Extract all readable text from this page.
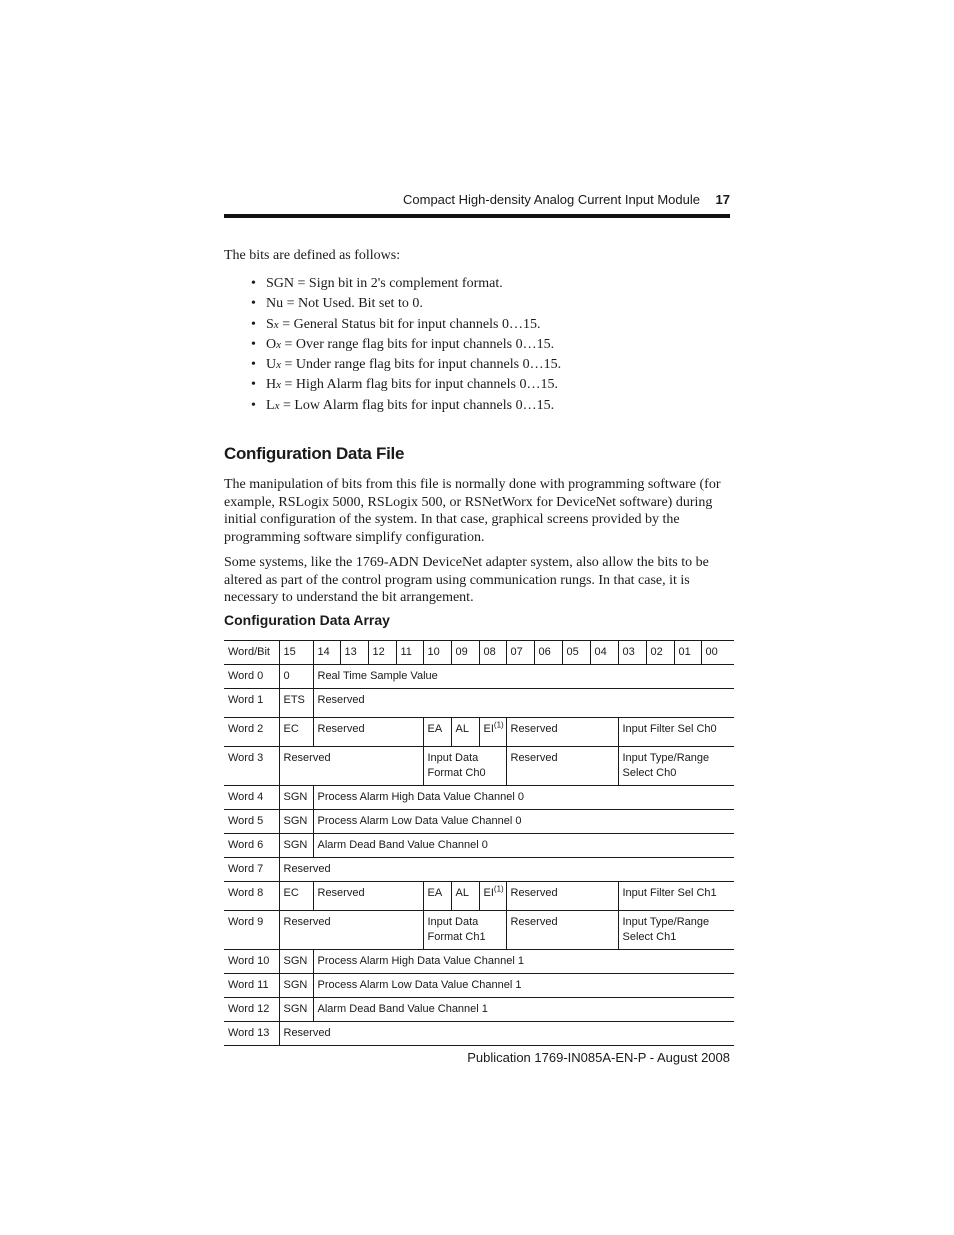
Compact High-density Analog Current Input Module 17
The bits are defined as follows:
• SGN = Sign bit in 2's complement format.
• Nu = Not Used. Bit set to 0.
• Sx = General Status bit for input channels 0…15.
• Ox = Over range flag bits for input channels 0…15.
• Ux = Under range flag bits for input channels 0…15.
• Hx = High Alarm flag bits for input channels 0…15.
• Lx = Low Alarm flag bits for input channels 0…15.
Configuration Data File

The manipulation of bits from this file is normally done with programming software (for example, RSLogix 5000, RSLogix 500, or RSNetWorx for DeviceNet software) during initial configuration of the system. In that case, graphical screens provided by the programming software simplify configuration.

Some systems, like the 1769-ADN DeviceNet adapter system, also allow the bits to be altered as part of the control program using communication rungs. In that case, it is necessary to understand the bit arrangement.

Configuration Data Array
Word/Bit	15	14	13	12	11	10	09	08	07	06	05	04	03	02	01	00
Word 0	0	Real Time Sample Value														
Word 1	ETS	Reserved														
Word 2	EC	Reserved				EA	AL	EI$^{(1)}$	Reserved				Input Filter Sel Ch0			
Word 3	Reserved					Input Data Format Ch0			Reserved				Input Type/Range Select Ch0			
Word 4	SGN	Process Alarm High Data Value Channel 0														
Word 5	SGN	Process Alarm Low Data Value Channel 0														
Word 6	SGN	Alarm Dead Band Value Channel 0														
Word 7	Reserved															
Word 8	EC	Reserved				EA	AL	EI$^{(1)}$	Reserved				Input Filter Sel Ch1			
Word 9	Reserved					Input Data Format Ch1			Reserved				Input Type/Range Select Ch1			
Word 10	SGN	Process Alarm High Data Value Channel 1														
Word 11	SGN	Process Alarm Low Data Value Channel 1														
Word 12	SGN	Alarm Dead Band Value Channel 1														
Word 13	Reserved															
Publication 1769-IN085A-EN-P - August 2008
